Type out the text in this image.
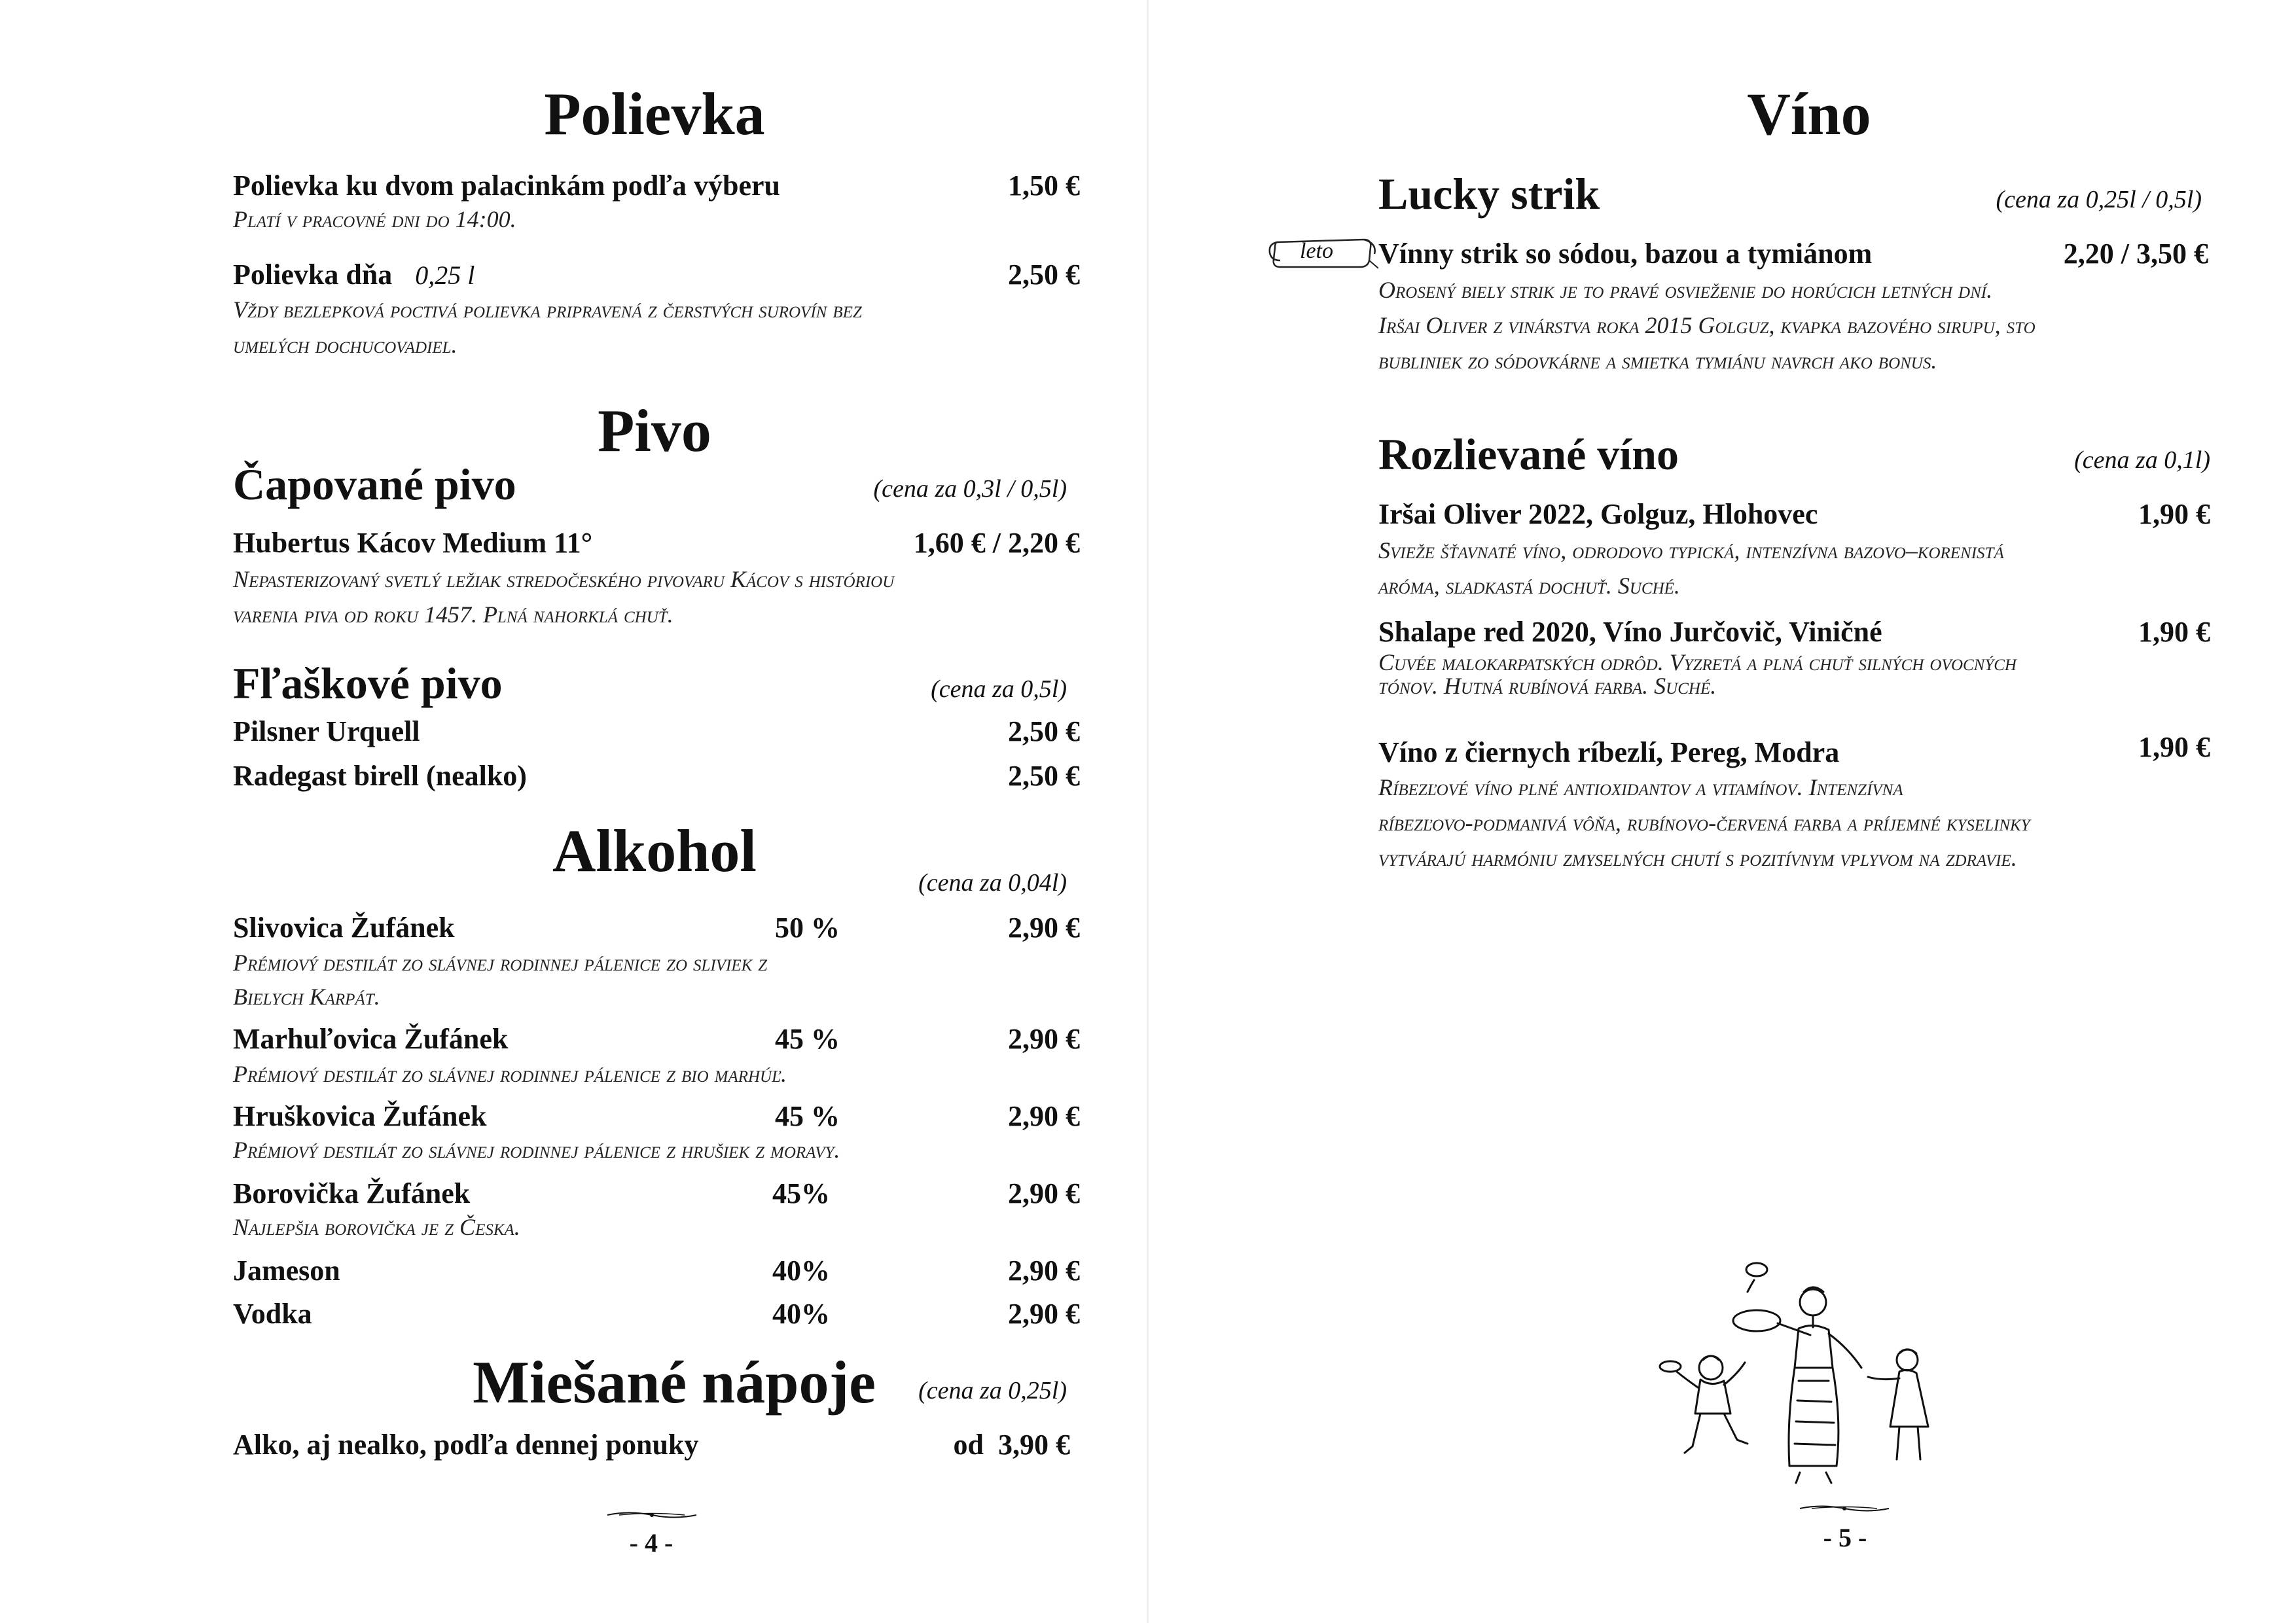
Polievka
Polievka ku dvom palacinkám podľa výberu	1,50 €
Platí v pracovné dni do 14:00.
Polievka dňa 0,25 l	2,50 €
Vždy bezlepková poctivá polievka pripravená z čerstvých surovín bez
umelých dochucovadiel.
Pivo
Čapované pivo	(cena za 0,3l / 0,5l)
Hubertus Kácov Medium 11°	1,60 € / 2,20 €
Nepasterizovaný svetlý ležiak stredočeského pivovaru Kácov s históriou
varenia piva od roku 1457. Plná nahorklá chuť.
Fľaškové pivo	(cena za 0,5l)
Pilsner Urquell	2,50 €
Radegast birell (nealko)	2,50 €
Alkohol	(cena za 0,04l)
Slivovica Žufánek	50 %	2,90 €
Prémiový destilát zo slávnej rodinnej pálenice zo sliviek z
Bielych Karpát.
Marhuľovica Žufánek	45 %	2,90 €
Prémiový destilát zo slávnej rodinnej pálenice z bio marhúľ.
Hruškovica Žufánek	45 %	2,90 €
Prémiový destilát zo slávnej rodinnej pálenice z hrušiek z moravy.
Borovička Žufánek	45%	2,90 €
Najlepšia borovička je z Česka.
Jameson	40%	2,90 €
Vodka	40%	2,90 €
Miešané nápoje	(cena za 0,25l)
Alko, aj nealko, podľa dennej ponuky	od  3,90 €
- 4 -
Víno
Lucky strik	(cena za 0,25l / 0,5l)
leto Vínny strik so sódou, bazou a tymiánom	2,20 / 3,50 €
Orosený biely strik je to pravé osvieženie do horúcich letných dní.
Iršai Oliver z vinárstva roka 2015 Golguz, kvapka bazového sirupu, sto
bubliniek zo sódovkárne a smietka tymiánu navrch ako bonus.
Rozlievané víno	(cena za 0,1l)
Iršai Oliver 2022, Golguz, Hlohovec	1,90 €
Svieže šťavnaté víno, odrodovo typická, intenzívna bazovo–korenistá
aróma, sladkastá dochuť. Suché.
Shalape red 2020, Víno Jurčovič, Viničné	1,90 €
Cuvée malokarpatských odrôd. Vyzretá a plná chuť silných ovocných
tónov. Hutná rubínová farba. Suché.
Víno z čiernych ríbezlí, Pereg, Modra	1,90 €
Ríbezľové víno plné antioxidantov a vitamínov. Intenzívna
ríbezľovo-podmanivá vôňa, rubínovo-červená farba a príjemné kyselinky
vytvárajú harmóniu zmyselných chutí s pozitívnym vplyvom na zdravie.
- 5 -
